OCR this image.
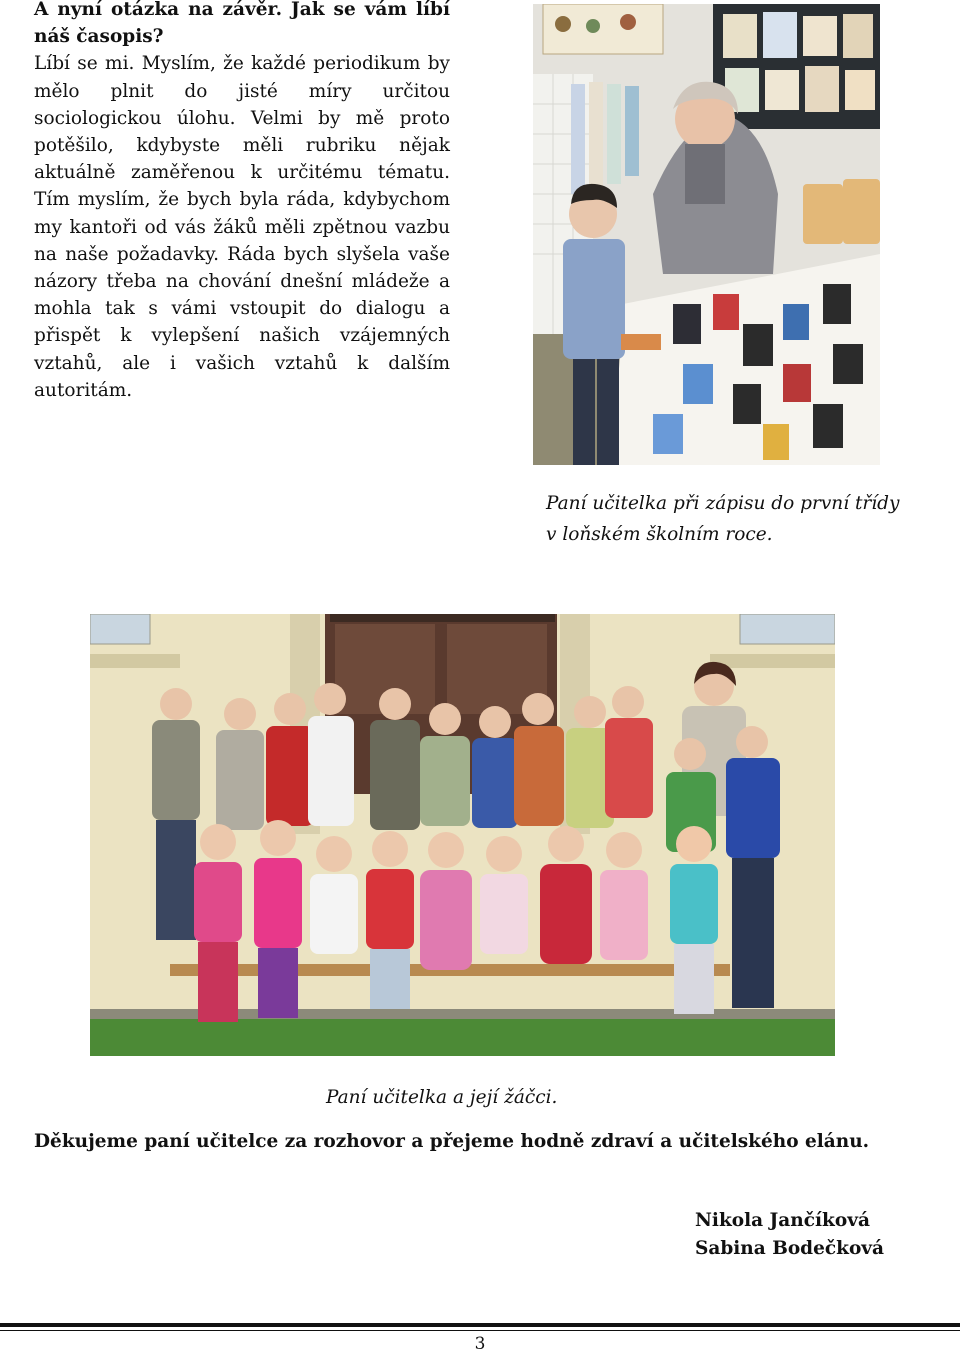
A nyní otázka na závěr. Jak se vám líbí náš časopis?
Líbí se mi. Myslím, že každé periodikum by mělo plnit do jisté míry určitou sociologickou úlohu. Velmi by mě proto potěšilo, kdybyste měli rubriku nějak aktuálně zaměřenou k určitému tématu. Tím myslím, že bych byla ráda, kdybychom my kantoři od vás žáků měli zpětnou vazbu na naše požadavky. Ráda bych slyšela vaše názory třeba na chování dnešní mládeže a mohla tak s vámi vstoupit do dialogu a přispět k vylepšení našich vzájemných vztahů, ale i vašich vztahů k dalším autoritám.
Paní učitelka při zápisu do první třídy
v loňském školním roce.
Paní učitelka a její žáčci.
Děkujeme paní učitelce za rozhovor a přejeme hodně zdraví a učitelského elánu.
Nikola Jančíková
Sabina Bodečková
3
